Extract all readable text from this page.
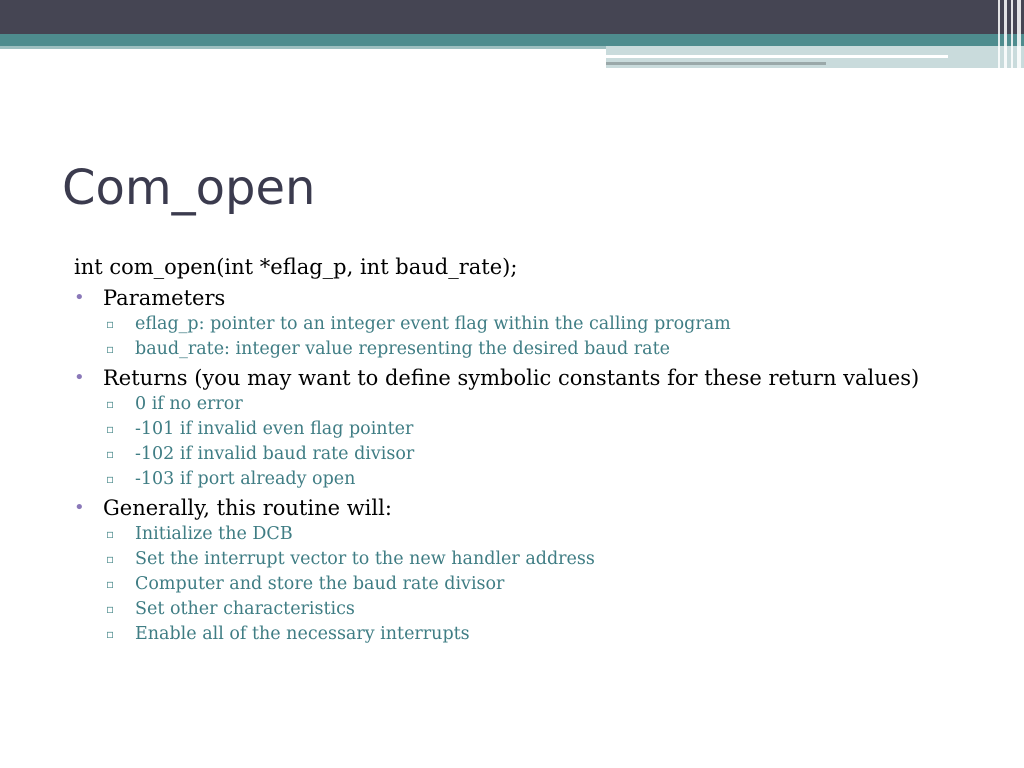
Com_open

int com_open(int *eflag_p, int baud_rate);

• Parameters
▫ eflag_p: pointer to an integer event flag within the calling program
▫ baud_rate: integer value representing the desired baud rate
• Returns (you may want to define symbolic constants for these return values)
▫ 0 if no error
▫ -101 if invalid even flag pointer
▫ -102 if invalid baud rate divisor
▫ -103 if port already open
• Generally, this routine will:
▫ Initialize the DCB
▫ Set the interrupt vector to the new handler address
▫ Computer and store the baud rate divisor
▫ Set other characteristics
▫ Enable all of the necessary interrupts
